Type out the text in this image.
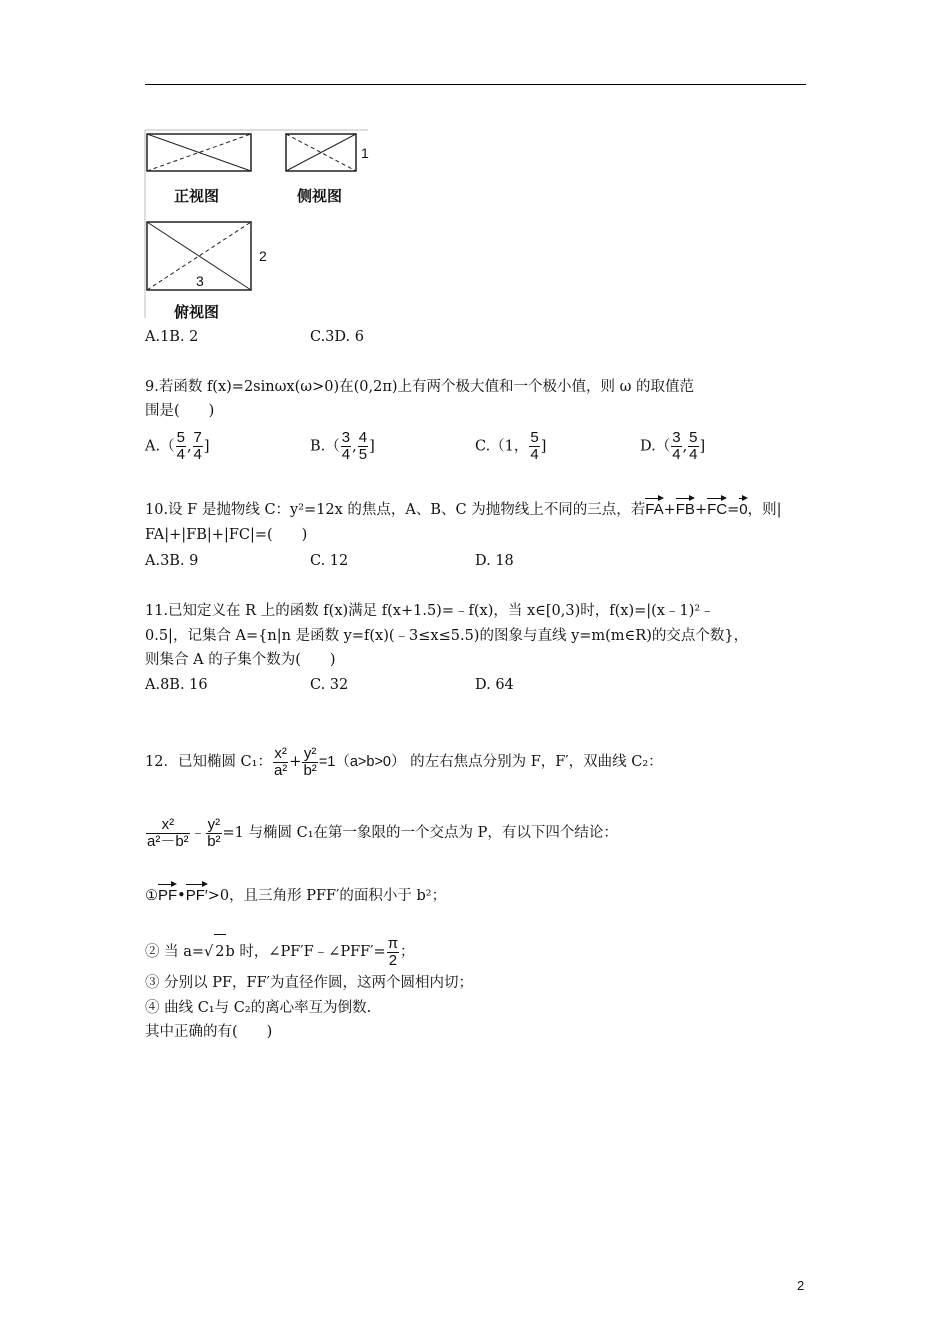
正视图	侧视图
俯视图
1
2
3
A.1B. 2	C.3D. 6
9.若函数 f(x)=2sinωx(ω>0)在(0,2π)上有两个极大值和一个极小值，则 ω 的取值范
围是(　　)
$A.( \frac{5}{4}$ , $\frac{7}{4}$ ]	$B.( \frac{3}{4}$ , $\frac{4}{5}$ ]	C.（1， $\frac{5}{4}$ ]	$D.( \frac{3}{4}$ , $\frac{5}{4}$ ]
10.设 F 是抛物线 C：y²=12x 的焦点，A、B、C 为抛物线上不同的三点，若FA+FB+FC=0，则|
FA|+|FB|+|FC|=(　　)
A.3B. 9	C. 12	D. 18
11.已知定义在 R 上的函数 f(x)满足 f(x+1.5)=﹣f(x)，当 x∈[0,3)时，f(x)=|(x﹣1)²﹣
0.5|，记集合 A={n|n 是函数 y=f(x)(﹣3≤x≤5.5)的图象与直线 y=m(m∈R)的交点个数}，
则集合 A 的子集个数为(　　)
A.8B. 16	C. 32	D. 64
12．已知椭圆 C₁： $\frac{\text{x²}}{\text{a²}} + \frac{\text{y²}}{\text{b²}} =1(a>b>0)$ 的左右焦点分别为 F，F′，双曲线 C₂：
$\frac{\text{x²}}{\text{a²－b²}}$ ﹣ $\frac{\text{y²}}{\text{b²}} =1$ 与椭圆 C₁在第一象限的一个交点为 P，有以下四个结论：
①PF•PF′>0，且三角形 PFF′的面积小于 b²；
② 当 a=√ 2b 时，∠PF′F﹣∠PFF′= $\frac{\pi}{2}$ ；
③ 分别以 PF，FF′为直径作圆，这两个圆相内切；
④ 曲线 C₁与 C₂的离心率互为倒数.
其中正确的有(　　)
2
